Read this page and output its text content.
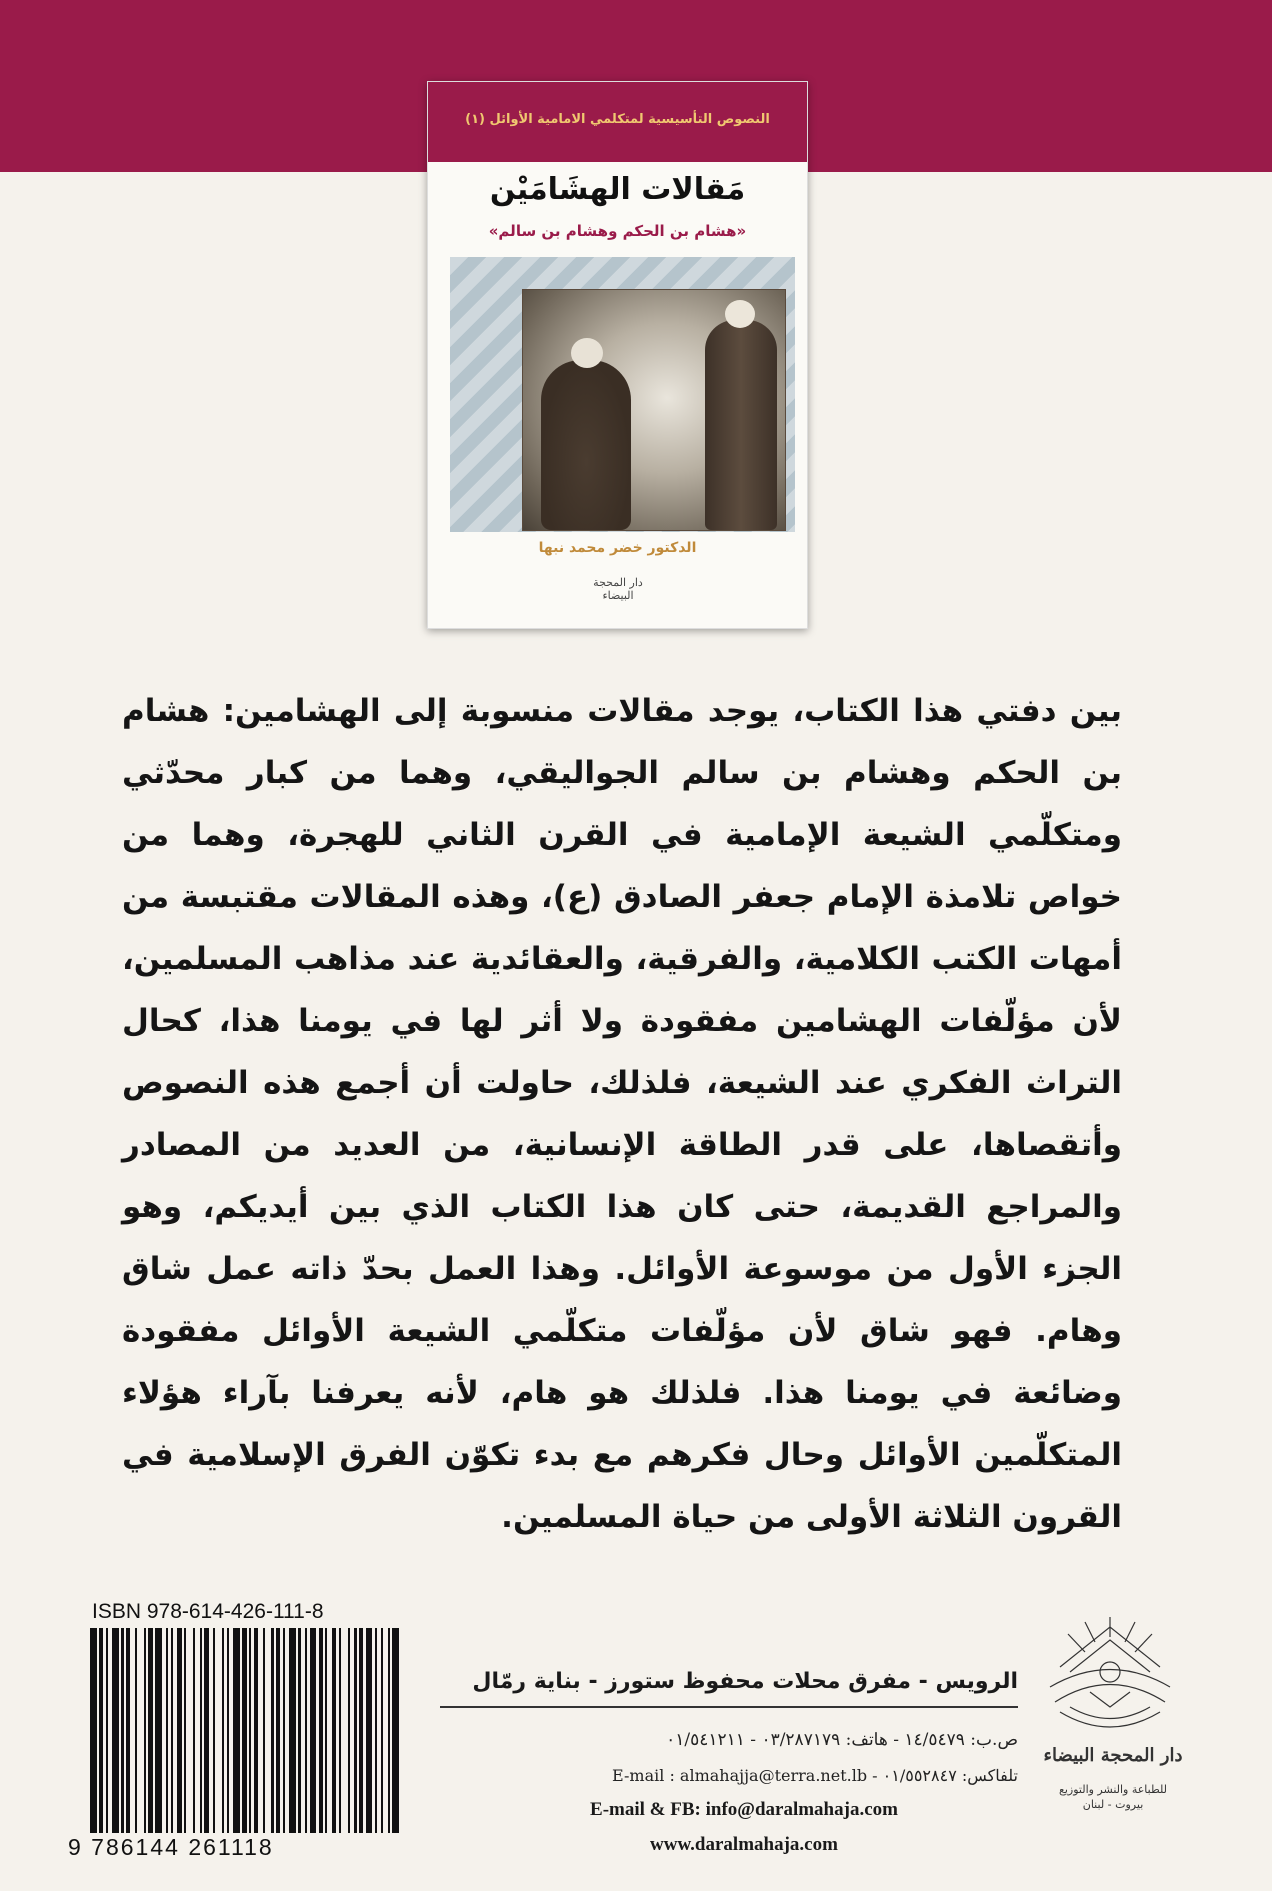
النصوص التأسيسية لمتكلمي الامامية الأوائل (١)
مَقالات الهشَامَيْن
«هشام بن الحكم وهشام بن سالم»
الدكتور خضر محمد نبها
دار المحجة البيضاء
بين دفتي هذا الكتاب، يوجد مقالات منسوبة إلى الهشامين: هشام بن الحكم وهشام بن سالم الجواليقي، وهما من كبار محدّثي ومتكلّمي الشيعة الإمامية في القرن الثاني للهجرة، وهما من خواص تلامذة الإمام جعفر الصادق (ع)، وهذه المقالات مقتبسة من أمهات الكتب الكلامية، والفرقية، والعقائدية عند مذاهب المسلمين، لأن مؤلّفات الهشامين مفقودة ولا أثر لها في يومنا هذا، كحال التراث الفكري عند الشيعة، فلذلك، حاولت أن أجمع هذه النصوص وأتقصاها، على قدر الطاقة الإنسانية، من العديد من المصادر والمراجع القديمة، حتى كان هذا الكتاب الذي بين أيديكم، وهو الجزء الأول من موسوعة الأوائل. وهذا العمل بحدّ ذاته عمل شاق وهام. فهو شاق لأن مؤلّفات متكلّمي الشيعة الأوائل مفقودة وضائعة في يومنا هذا. فلذلك هو هام، لأنه يعرفنا بآراء هؤلاء المتكلّمين الأوائل وحال فكرهم مع بدء تكوّن الفرق الإسلامية في القرون الثلاثة الأولى من حياة المسلمين.
ISBN 978-614-426-111-8
9 786144 261118
الرويس - مفرق محلات محفوظ ستورز - بناية رمّال
ص.ب: ١٤/٥٤٧٩ - هاتف: ٠٣/٢٨٧١٧٩ - ٠١/٥٤١٢١١
تلفاكس: ٠١/٥٥٢٨٤٧ - E-mail : almahajja@terra.net.lb
E-mail & FB: info@daralmahaja.com
www.daralmahaja.com
دار المحجة البيضاء
للطباعة والنشر والتوزيع
بيروت - لبنان
